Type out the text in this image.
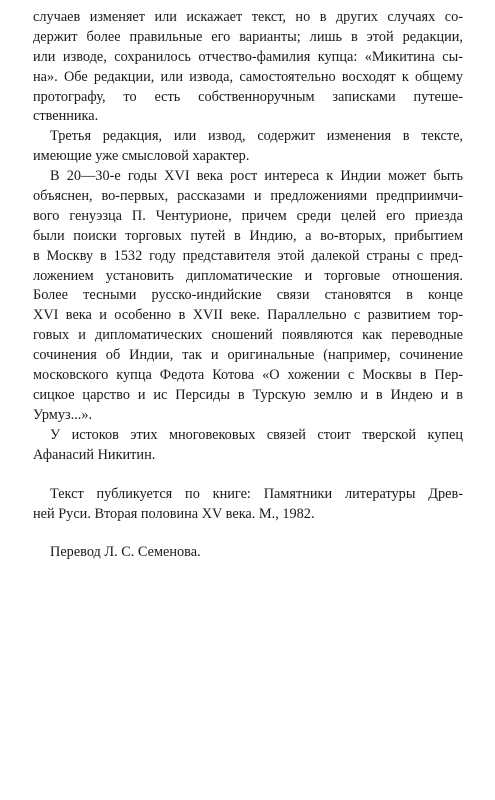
случаев изменяет или искажает текст, но в других случаях со-
держит более правильные его варианты; лишь в этой редакции,
или изводе, сохранилось отчество-фамилия купца: «Микитина сы-
на». Обе редакции, или извода, самостоятельно восходят к общему
протографу, то есть собственноручным записками путеше-
ственника.
Третья редакция, или извод, содержит изменения в тексте,
имеющие уже смысловой характер.
В 20—30-е годы XVI века рост интереса к Индии может быть
объяснен, во-первых, рассказами и предложениями предприимчи-
вого генуэзца П. Чентурионе, причем среди целей его приезда
были поиски торговых путей в Индию, а во-вторых, прибытием
в Москву в 1532 году представителя этой далекой страны с пред-
ложением установить дипломатические и торговые отношения.
Более тесными русско-индийские связи становятся в конце
XVI века и особенно в XVII веке. Параллельно с развитием тор-
говых и дипломатических сношений появляются как переводные
сочинения об Индии, так и оригинальные (например, сочинение
московского купца Федота Котова «О хожении с Москвы в Пер-
сицкое царство и ис Персиды в Турскую землю и в Индею и в
Урмуз...».
У истоков этих многовековых связей стоит тверской купец
Афанасий Никитин.
Текст публикуется по книге: Памятники литературы Древ-
ней Руси. Вторая половина XV века. М., 1982.
Перевод Л. С. Семенова.
